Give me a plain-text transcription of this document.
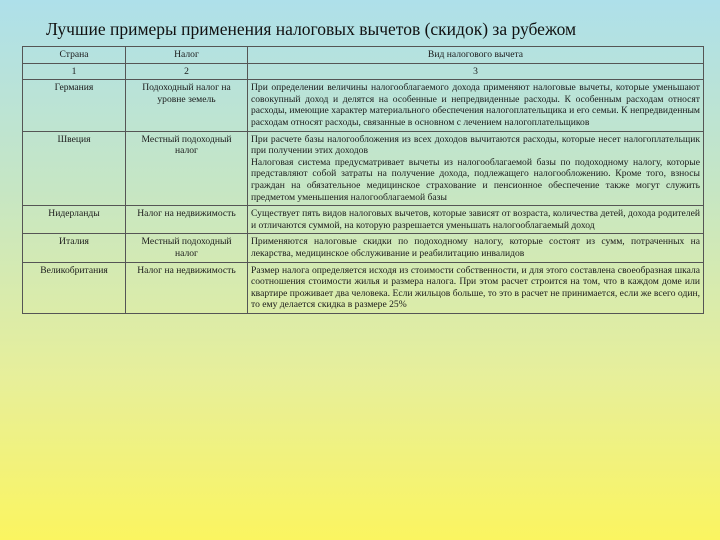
Лучшие примеры применения налоговых вычетов (скидок) за рубежом
Страна	Налог	Вид налогового вычета
1	2	3
Германия	Подоходный налог на уровне земель	При определении величины налогооблагаемого дохода применяют налоговые вычеты, которые уменьшают совокупный доход и делятся на особенные и непредвиденные расходы. К особенным расходам относят расходы, имеющие характер материального обеспечения налогоплательщика и его семьи. К непредвиденным расходам относят расходы, связанные в основном с лечением налогоплательщиков

Швеция	Местный подоходный налог	При расчете базы налогообложения из всех доходов вычитаются расходы, которые несет налогоплательщик при получении этих доходов
Налоговая система предусматривает вычеты из налогооблагаемой базы по подоходному налогу, которые представляют собой затраты на получение дохода, подлежащего налогообложению. Кроме того, взносы граждан на обязательное медицинское страхование и пенсионное обеспечение также могут служить предметом уменьшения налогооблагаемой базы

Нидерланды	Налог на недвижимость	Существует пять видов налоговых вычетов, которые зависят от возраста, количества детей, дохода родителей и отличаются суммой, на которую разрешается уменьшать налогооблагаемый доход

Италия	Местный подоходный налог	Применяются налоговые скидки по подоходному налогу, которые состоят из сумм, потраченных на лекарства, медицинское обслуживание и реабилитацию инвалидов

Великобритания	Налог на недвижимость	Размер налога определяется исходя из стоимости собственности, и для этого составлена своеобразная шкала соотношения стоимости жилья и размера налога. При этом расчет строится на том, что в каждом доме или квартире проживает два человека. Если жильцов больше, то это в расчет не принимается, если же всего один, то ему делается скидка в размере 25%
